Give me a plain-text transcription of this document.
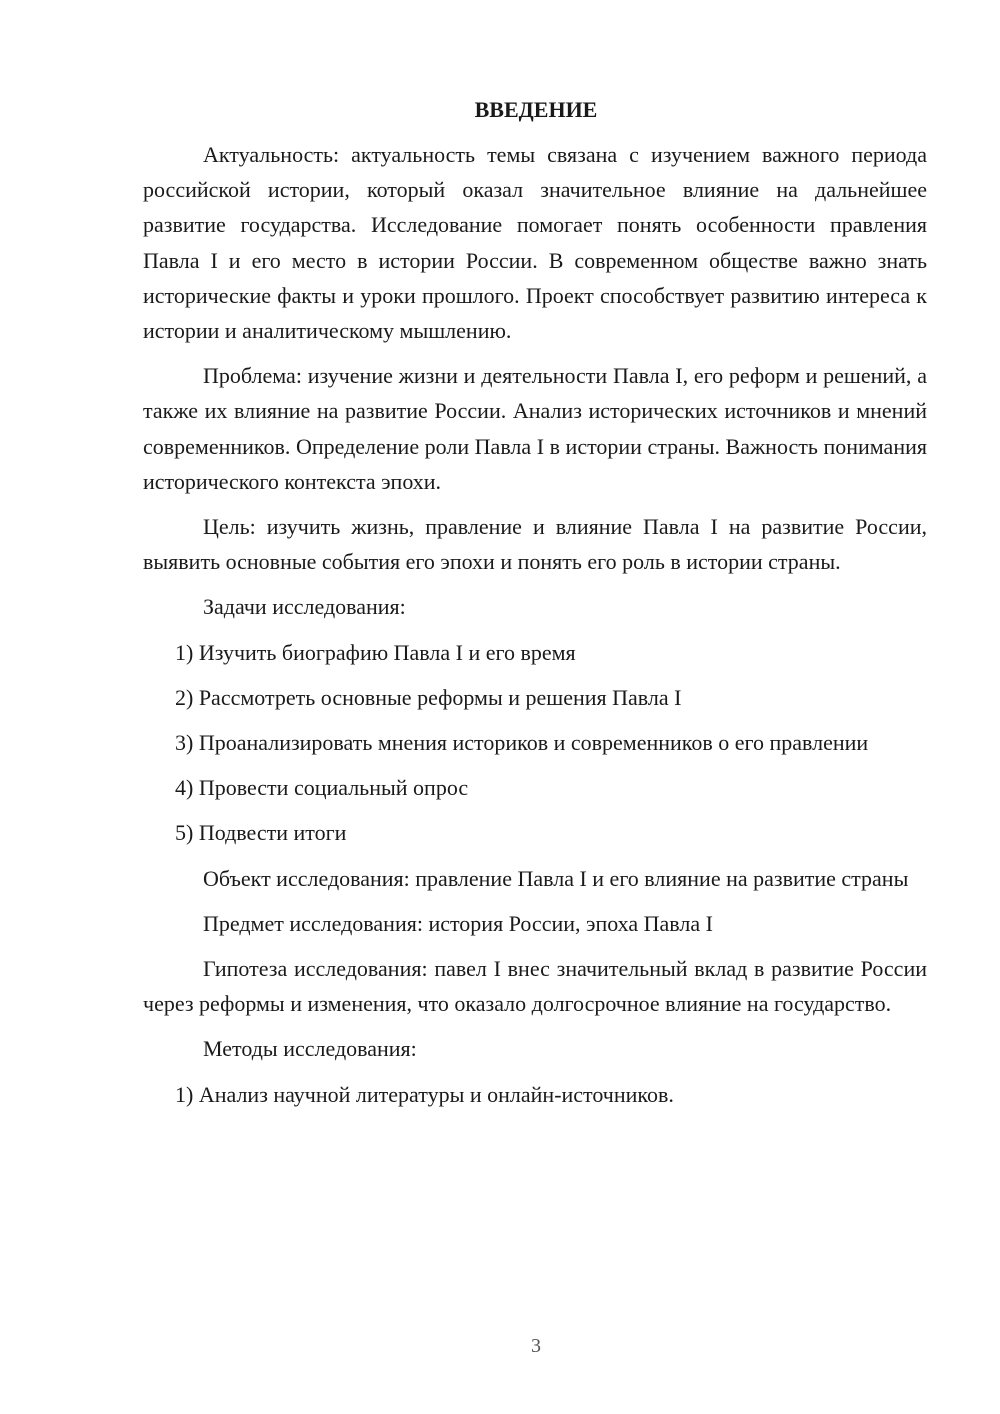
ВВЕДЕНИЕ

Актуальность: актуальность темы связана с изучением важного периода российской истории, который оказал значительное влияние на дальнейшее развитие государства. Исследование помогает понять особенности правления Павла I и его место в истории России. В современном обществе важно знать исторические факты и уроки прошлого. Проект способствует развитию интереса к истории и аналитическому мышлению.

Проблема: изучение жизни и деятельности Павла I, его реформ и решений, а также их влияние на развитие России. Анализ исторических источников и мнений современников. Определение роли Павла I в истории страны. Важность понимания исторического контекста эпохи.

Цель: изучить жизнь, правление и влияние Павла I на развитие России, выявить основные события его эпохи и понять его роль в истории страны.

Задачи исследования:

1) Изучить биографию Павла I и его время

2) Рассмотреть основные реформы и решения Павла I

3) Проанализировать мнения историков и современников о его правлении

4) Провести социальный опрос

5) Подвести итоги

Объект исследования: правление Павла I и его влияние на развитие страны

Предмет исследования: история России, эпоха Павла I

Гипотеза исследования: павел I внес значительный вклад в развитие России через реформы и изменения, что оказало долгосрочное влияние на государство.

Методы исследования:

1) Анализ научной литературы и онлайн-источников.

3
